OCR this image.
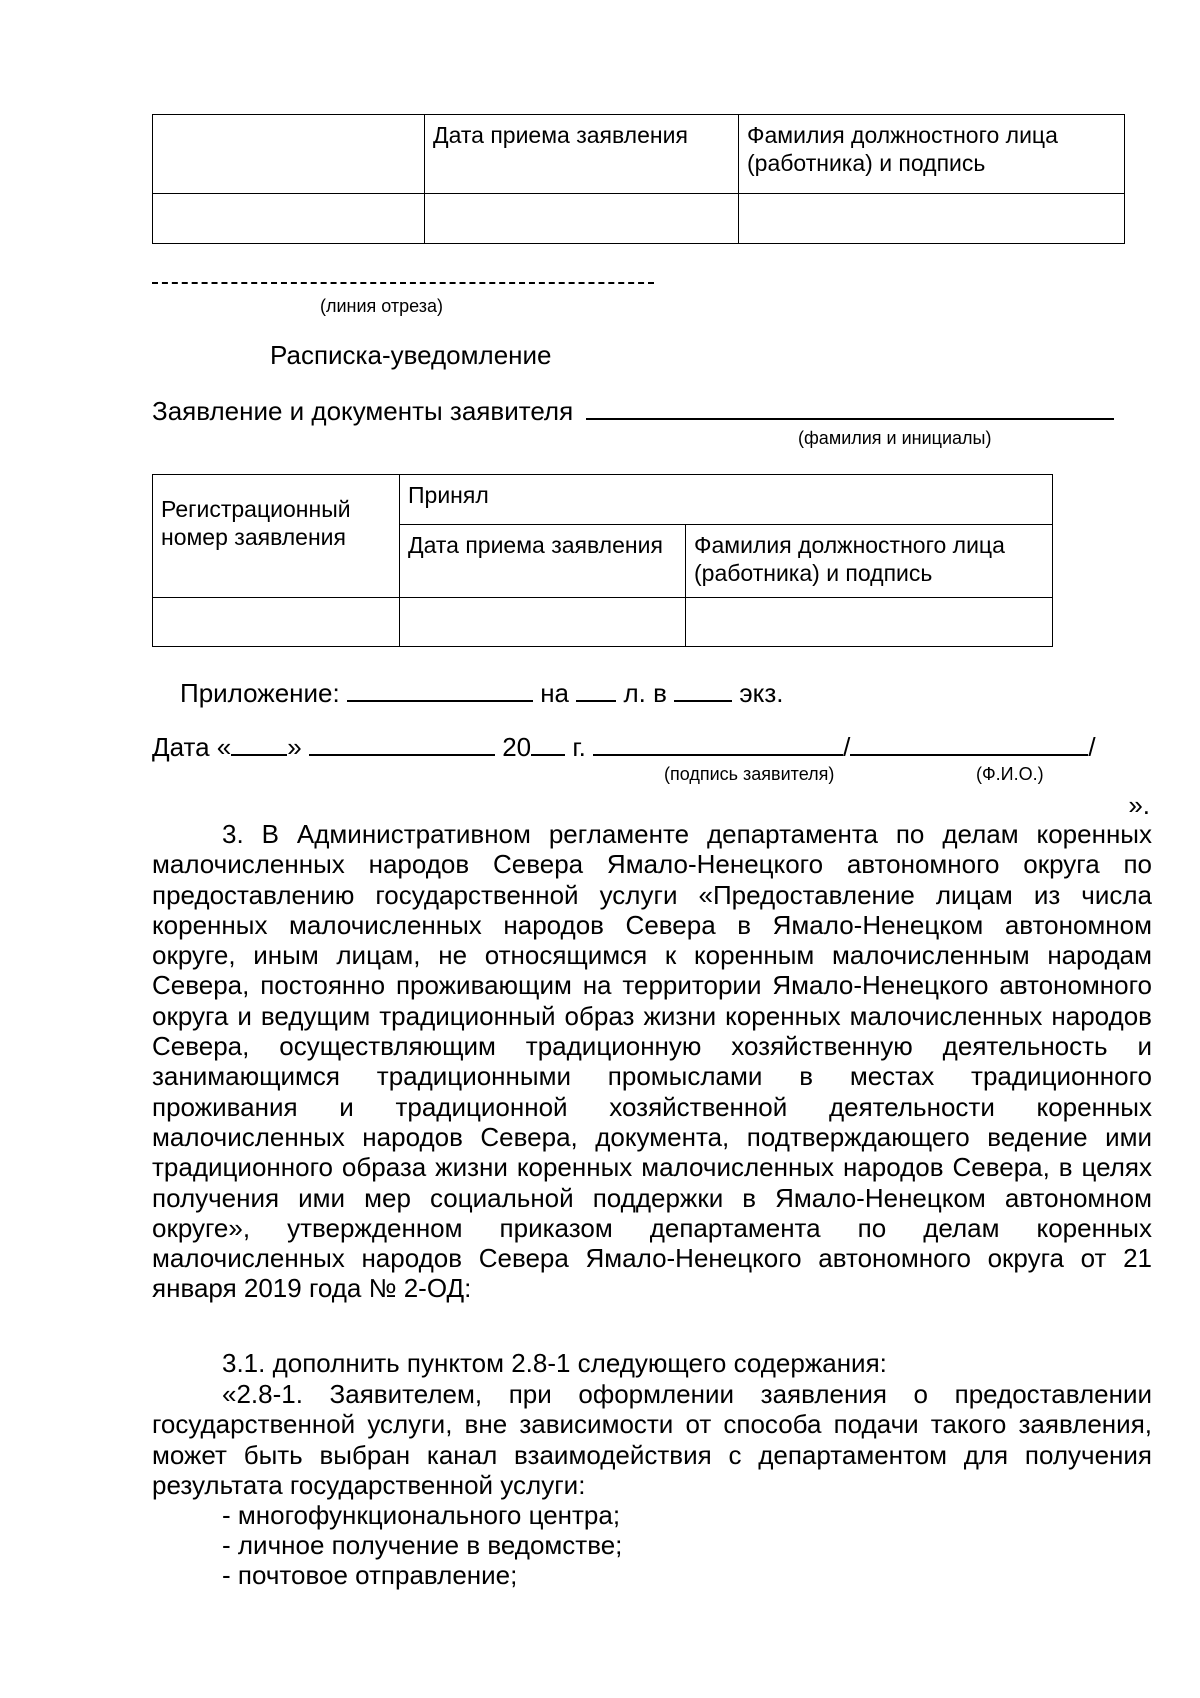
	Дата приема заявления	Фамилия должностного лица (работника) и подпись

(линия отреза)
Расписка-уведомление
Заявление и документы заявителя
(фамилия и инициалы)
Регистрационный номер заявления	Принял	
	Дата приема заявления	Фамилия должностного лица (работника) и подпись

Приложение:	на л. в	экз.
Дата « »	20 г.	/	/
(подпись заявителя)	(Ф.И.О.)
».
3. В Административном регламенте департамента по делам коренных малочисленных народов Севера Ямало-Ненецкого автономного округа по предоставлению государственной услуги «Предоставление лицам из числа коренных малочисленных народов Севера в Ямало-Ненецком автономном округе, иным лицам, не относящимся к коренным малочисленным народам Севера, постоянно проживающим на территории Ямало-Ненецкого автономного округа и ведущим традиционный образ жизни коренных малочисленных народов Севера, осуществляющим традиционную хозяйственную деятельность и занимающимся традиционными промыслами в местах традиционного проживания и традиционной хозяйственной деятельности коренных малочисленных народов Севера, документа, подтверждающего ведение ими традиционного образа жизни коренных малочисленных народов Севера, в целях получения ими мер социальной поддержки в Ямало-Ненецком автономном округе», утвержденном приказом департамента по делам коренных малочисленных народов Севера Ямало-Ненецкого автономного округа от 21 января 2019 года № 2-ОД:
3.1. дополнить пунктом 2.8-1 следующего содержания:
«2.8-1. Заявителем, при оформлении заявления о предоставлении государственной услуги, вне зависимости от способа подачи такого заявления, может быть выбран канал взаимодействия с департаментом для получения результата государственной услуги:
- многофункционального центра;
- личное получение в ведомстве;
- почтовое отправление;
